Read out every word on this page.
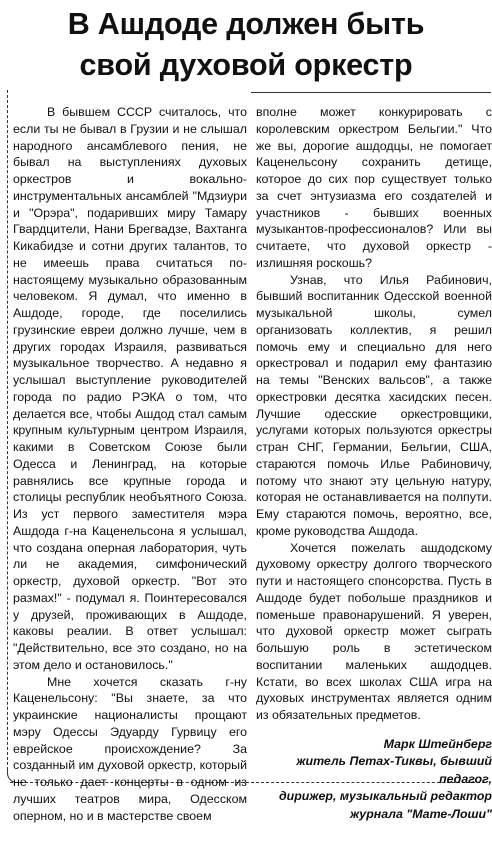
В Ашдоде должен быть
свой духовой оркестр

В бывшем СССР считалось, что если ты не бывал в Грузии и не слышал народного ансамблевого пения, не бывал на выступлениях духовых оркестров и вокально-инструментальных ансамблей "Мдзиури и "Орэра", подаривших миру Тамару Гвардцители, Нани Брегвадзе, Вахтанга Кикабидзе и сотни других талантов, то не имеешь права считаться по-настоящему музыкально образованным человеком. Я думал, что именно в Ашдоде, городе, где поселились грузинские евреи должно лучше, чем в других городах Израиля, развиваться музыкальное творчество. А недавно я услышал выступление руководителей города по радио РЭКА о том, что делается все, чтобы Ашдод стал самым крупным культурным центром Израиля, какими в Советском Союзе были Одесса и Ленинград, на которые равнялись все крупные города и столицы республик необъятного Союза. Из уст первого заместителя мэра Ашдода г-на Каценельсона я услышал, что создана оперная лаборатория, чуть ли не академия, симфонический оркестр, духовой оркестр. "Вот это размах!" - подумал я. Поинтересовался у друзей, проживающих в Ашдоде, каковы реалии. В ответ услышал: "Действительно, все это создано, но на этом дело и остановилось."

Мне хочется сказать г-ну Каценельсону: "Вы знаете, за что украинские националисты прощают мэру Одессы Эдуарду Гурвицу его еврейское происхождение? За созданный им духовой оркестр, который не только дает концерты в одном из лучших театров мира, Одесском оперном, но и в мастерстве своем

вполне может конкурировать с королевским оркестром Бельгии." Что же вы, дорогие ашдодцы, не помогает Каценельсону сохранить детище, которое до сих пор существует только за счет энтузиазма его создателей и участников - бывших военных музыкантов-профессионалов? Или вы считаете, что духовой оркестр - излишняя роскошь?

Узнав, что Илья Рабинович, бывший воспитанник Одесской военной музыкальной школы, сумел организовать коллектив, я решил помочь ему и специально для него оркестровал и подарил ему фантазию на темы "Венских вальсов", а также оркестровки десятка хасидских песен. Лучшие одесские оркестровщики, услугами которых пользуются оркестры стран СНГ, Германии, Бельгии, США, стараются помочь Илье Рабиновичу, потому что знают эту цельную натуру, которая не останавливается на полпути. Ему стараются помочь, вероятно, все, кроме руководства Ашдода.

Хочется пожелать ашдодскому духовому оркестру долгого творческого пути и настоящего спонсорства. Пусть в Ашдоде будет побольше праздников и поменьше правонарушений. Я уверен, что духовой оркестр может сыграть большую роль в эстетическом воспитании маленьких ашдодцев. Кстати, во всех школах США игра на духовых инструментах является одним из обязательных предметов.

Марк Штейнберг
житель Петах-Тиквы, бывший педагог,
дирижер, музыкальный редактор
журнала "Мате-Лоши"
